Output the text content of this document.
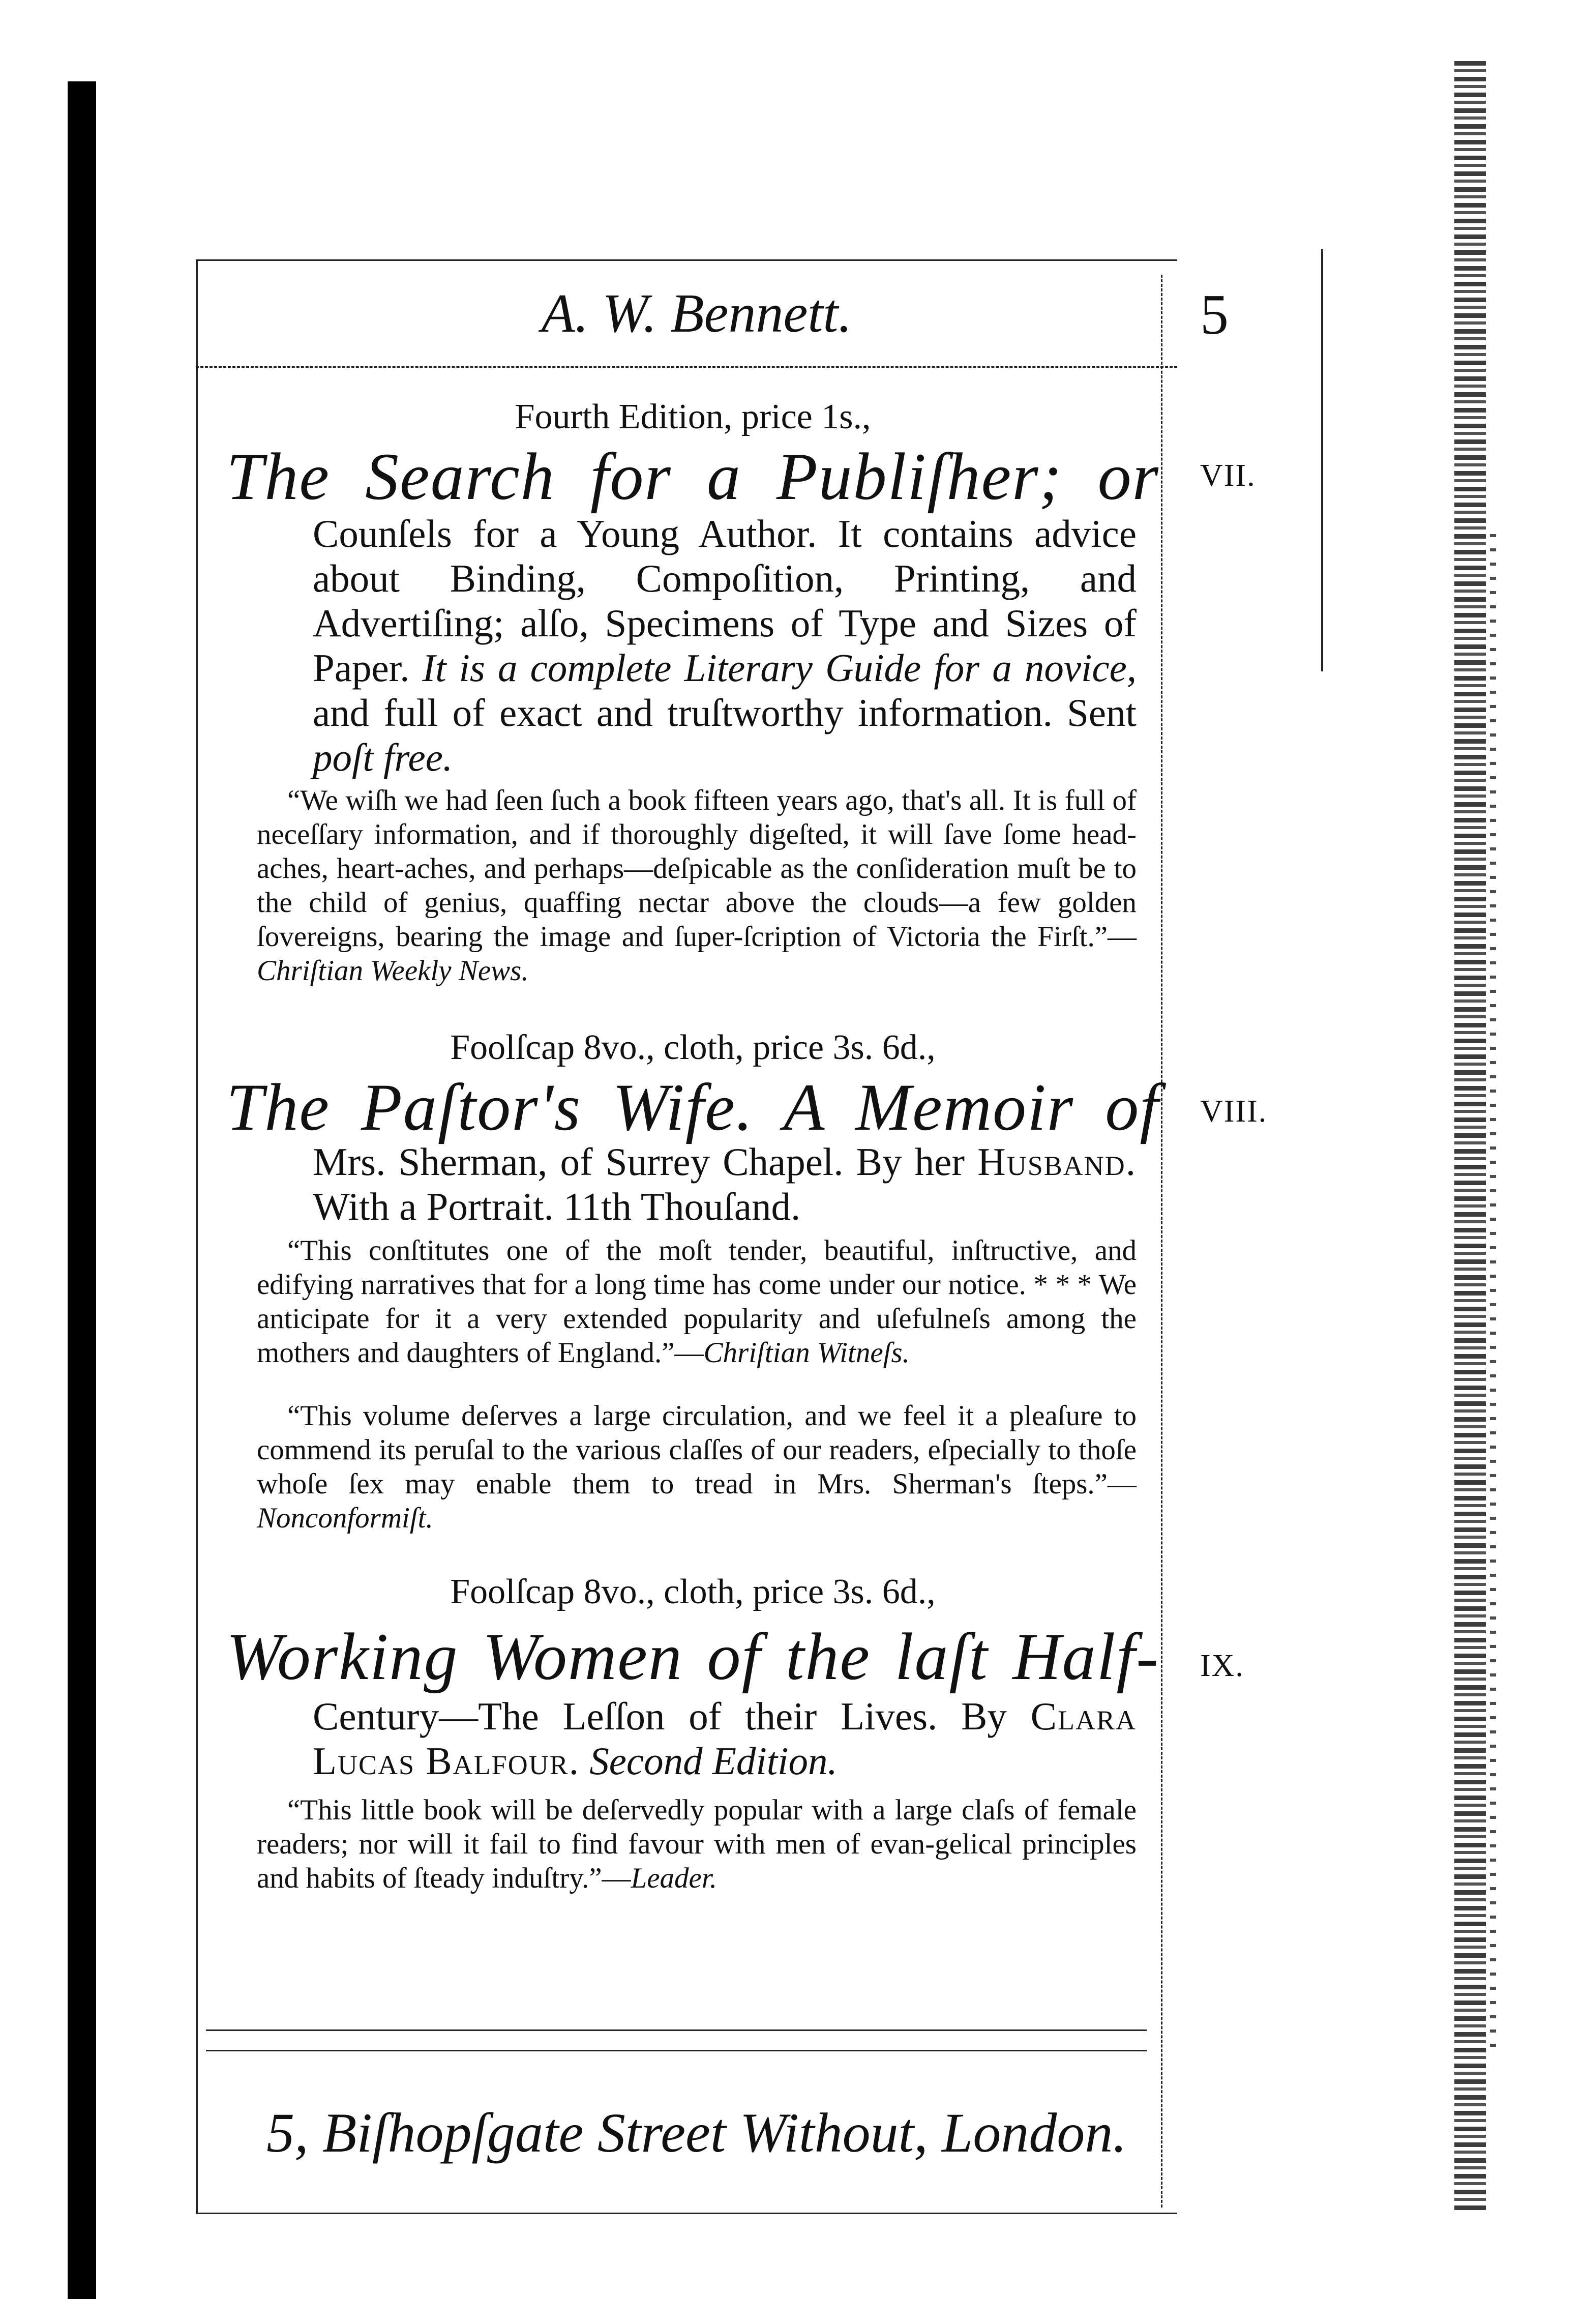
A. W. Bennett.	5
VII.
Fourth Edition, price 1s.,
The Search for a Publiſher; or
Counſels for a Young Author. It contains advice about Binding, Compoſition, Printing, and Advertiſing; alſo, Specimens of Type and Sizes of Paper. It is a complete Literary Guide for a novice, and full of exact and truſtworthy information. Sent poſt free.
“We wiſh we had ſeen ſuch a book fifteen years ago, that's all. It is full of neceſſary information, and if thoroughly digeſted, it will ſave ſome head-aches, heart-aches, and perhaps—deſpicable as the conſideration muſt be to the child of genius, quaffing nectar above the clouds—a few golden ſovereigns, bearing the image and ſuper-ſcription of Victoria the Firſt.”—Chriſtian Weekly News.
VIII.
Foolſcap 8vo., cloth, price 3s. 6d.,
The Paſtor's Wife. A Memoir of
Mrs. Sherman, of Surrey Chapel. By her Husband. With a Portrait. 11th Thouſand.
“This conſtitutes one of the moſt tender, beautiful, inſtructive, and edifying narratives that for a long time has come under our notice. * * * We anticipate for it a very extended popularity and uſefulneſs among the mothers and daughters of England.”—Chriſtian Witneſs.
“This volume deſerves a large circulation, and we feel it a pleaſure to commend its peruſal to the various claſſes of our readers, eſpecially to thoſe whoſe ſex may enable them to tread in Mrs. Sherman's ſteps.”—Nonconformiſt.
IX.
Foolſcap 8vo., cloth, price 3s. 6d.,
Working Women of the laſt Half-
Century—The Leſſon of their Lives. By Clara Lucas Balfour. Second Edition.
“This little book will be deſervedly popular with a large claſs of female readers; nor will it fail to find favour with men of evan-gelical principles and habits of ſteady induſtry.”—Leader.
5, Biſhopſgate Street Without, London.
